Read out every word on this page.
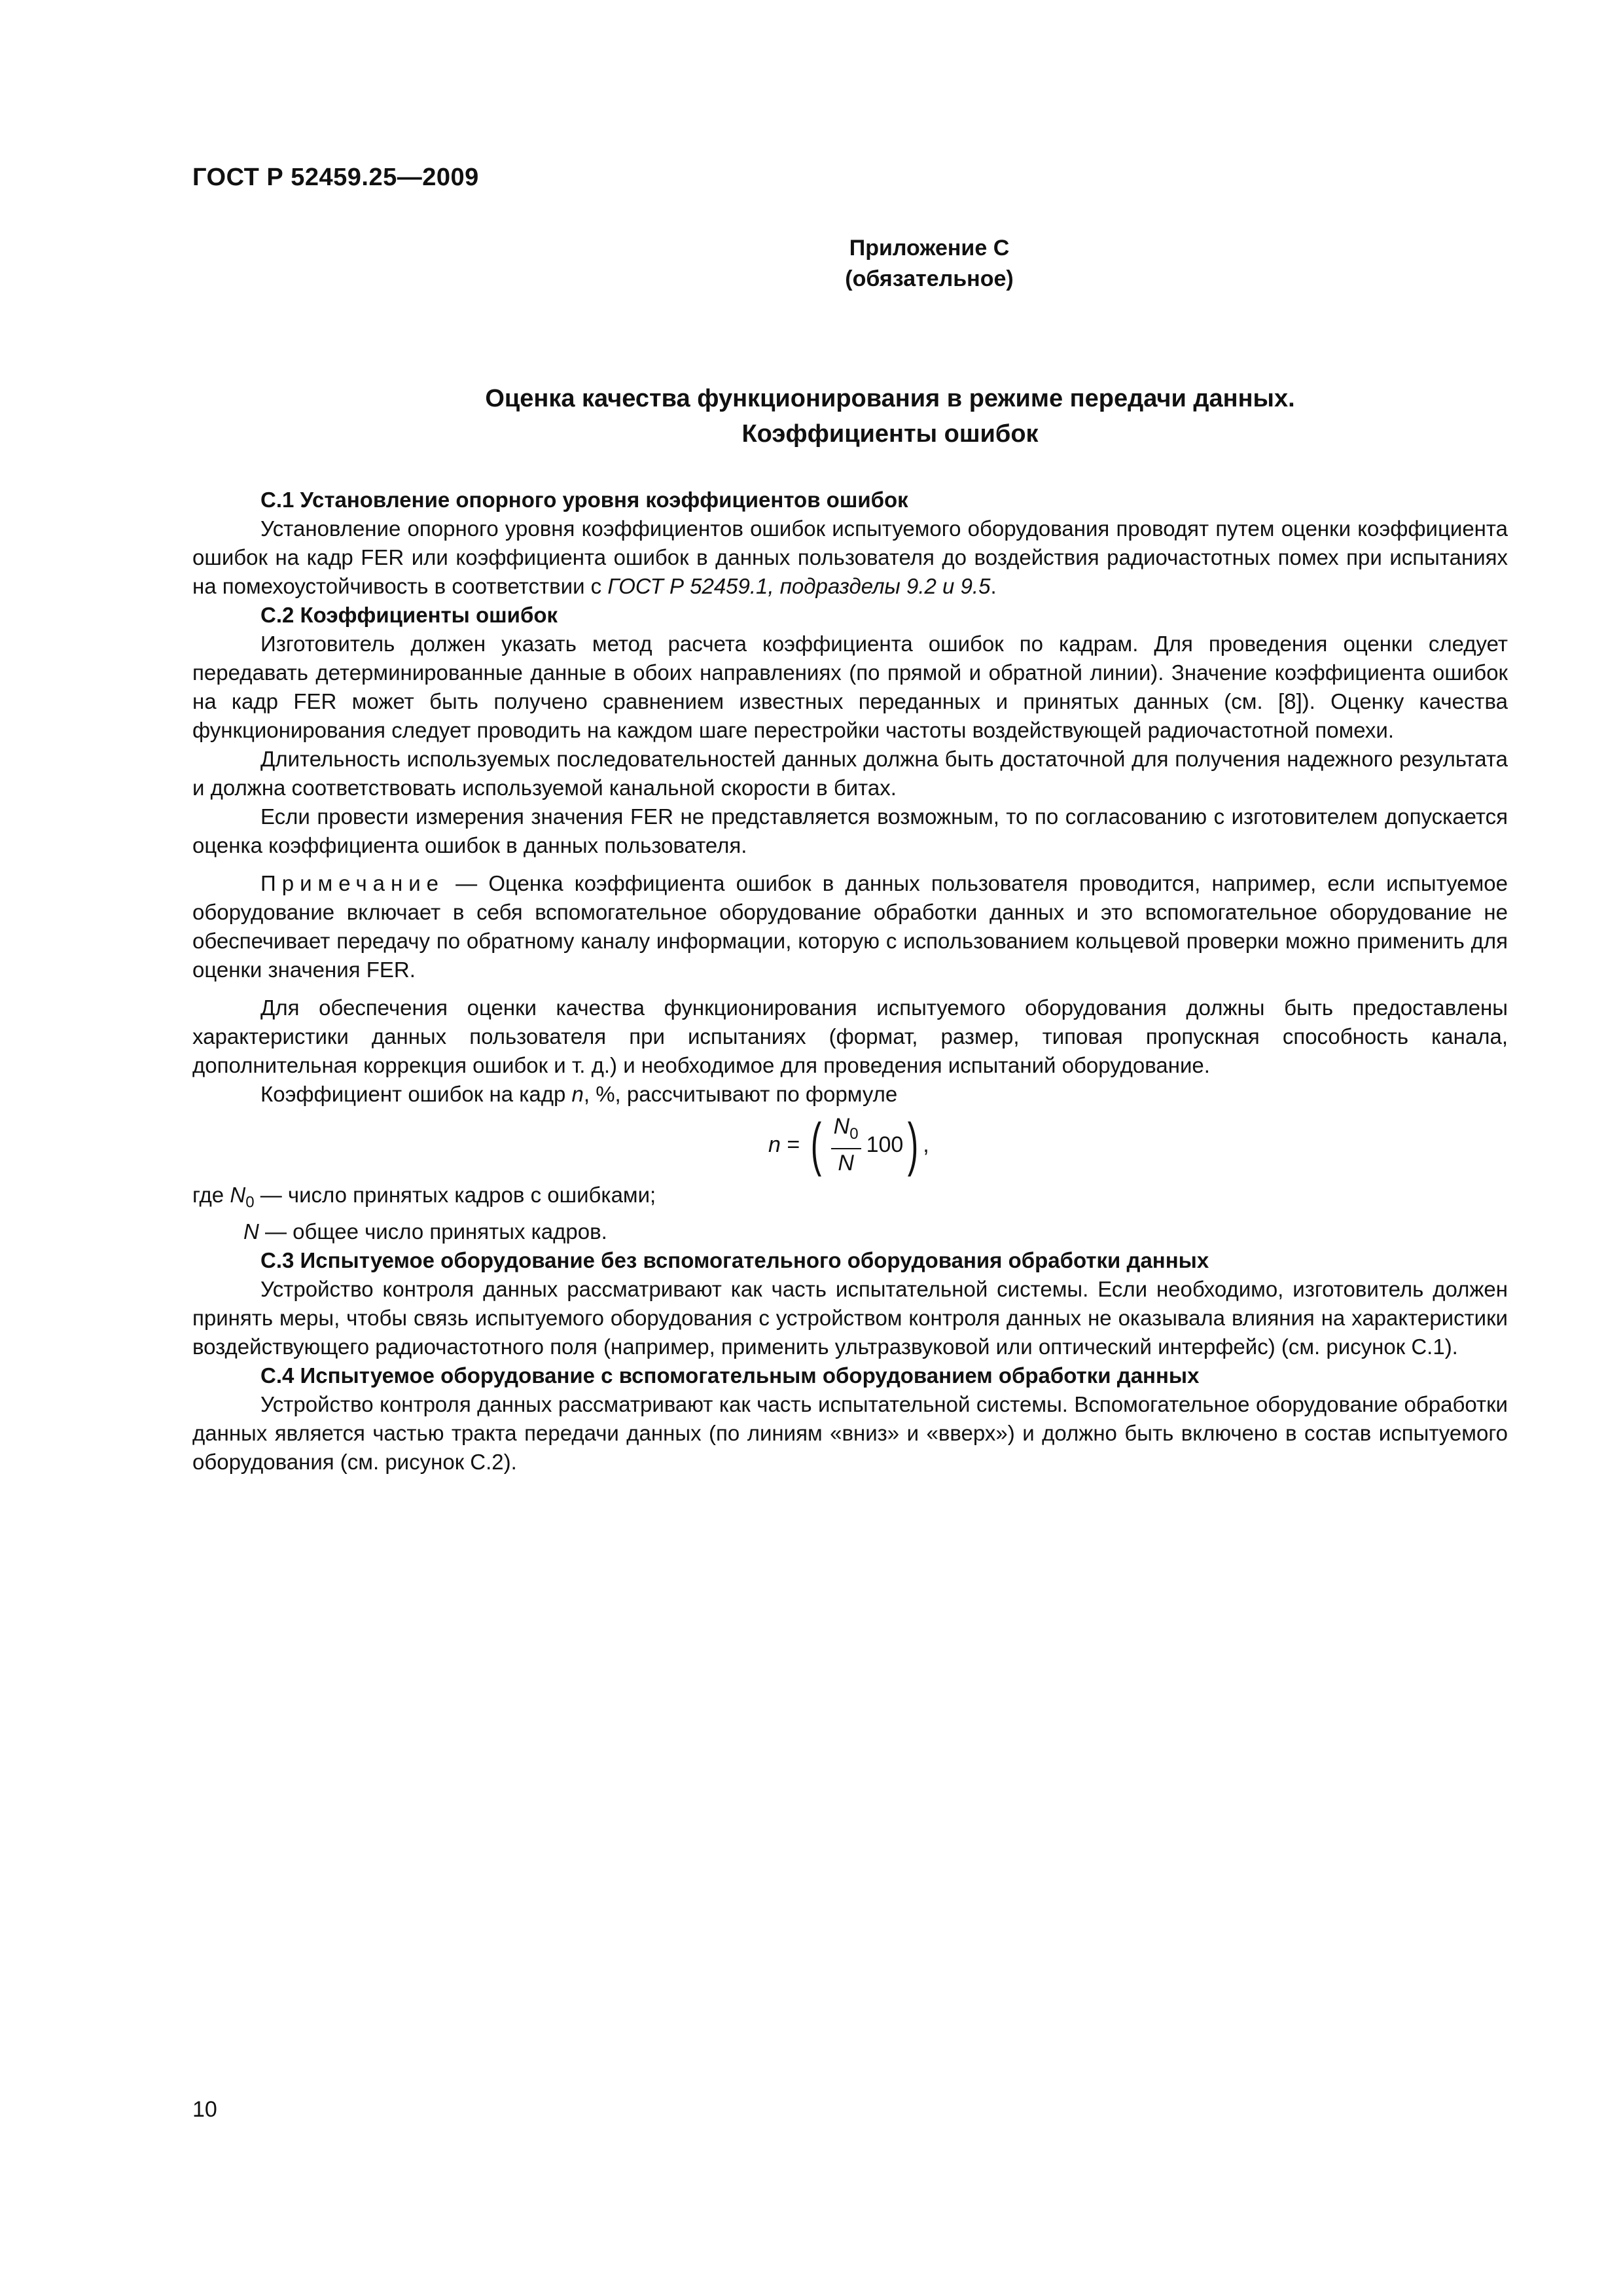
ГОСТ Р 52459.25—2009
Приложение С
(обязательное)
Оценка качества функционирования в режиме передачи данных.
Коэффициенты ошибок

С.1 Установление опорного уровня коэффициентов ошибок

Установление опорного уровня коэффициентов ошибок испытуемого оборудования проводят путем оценки коэффициента ошибок на кадр FER или коэффициента ошибок в данных пользователя до воздействия радиочастотных помех при испытаниях на помехоустойчивость в соответствии с ГОСТ Р 52459.1, подразделы 9.2 и 9.5.

С.2 Коэффициенты ошибок

Изготовитель должен указать метод расчета коэффициента ошибок по кадрам. Для проведения оценки следует передавать детерминированные данные в обоих направлениях (по прямой и обратной линии). Значение коэффициента ошибок на кадр FER может быть получено сравнением известных переданных и принятых данных (см. [8]). Оценку качества функционирования следует проводить на каждом шаге перестройки частоты воздействующей радиочастотной помехи.

Длительность используемых последовательностей данных должна быть достаточной для получения надежного результата и должна соответствовать используемой канальной скорости в битах.

Если провести измерения значения FER не представляется возможным, то по согласованию с изготовителем допускается оценка коэффициента ошибок в данных пользователя.

Примечание — Оценка коэффициента ошибок в данных пользователя проводится, например, если испытуемое оборудование включает в себя вспомогательное оборудование обработки данных и это вспомогательное оборудование не обеспечивает передачу по обратному каналу информации, которую с использованием кольцевой проверки можно применить для оценки значения FER.

Для обеспечения оценки качества функционирования испытуемого оборудования должны быть предоставлены характеристики данных пользователя при испытаниях (формат, размер, типовая пропускная способность канала, дополнительная коррекция ошибок и т. д.) и необходимое для проведения испытаний оборудование.

Коэффициент ошибок на кадр n, %, рассчитывают по формуле

n = ( $\frac{N_0}{N} 100$ ) ,
где $N_0$ — число принятых кадров с ошибками;
N — общее число принятых кадров.

С.3 Испытуемое оборудование без вспомогательного оборудования обработки данных

Устройство контроля данных рассматривают как часть испытательной системы. Если необходимо, изготовитель должен принять меры, чтобы связь испытуемого оборудования с устройством контроля данных не оказывала влияния на характеристики воздействующего радиочастотного поля (например, применить ультразвуковой или оптический интерфейс) (см. рисунок С.1).

С.4 Испытуемое оборудование с вспомогательным оборудованием обработки данных

Устройство контроля данных рассматривают как часть испытательной системы. Вспомогательное оборудование обработки данных является частью тракта передачи данных (по линиям «вниз» и «вверх») и должно быть включено в состав испытуемого оборудования (см. рисунок С.2).

10
